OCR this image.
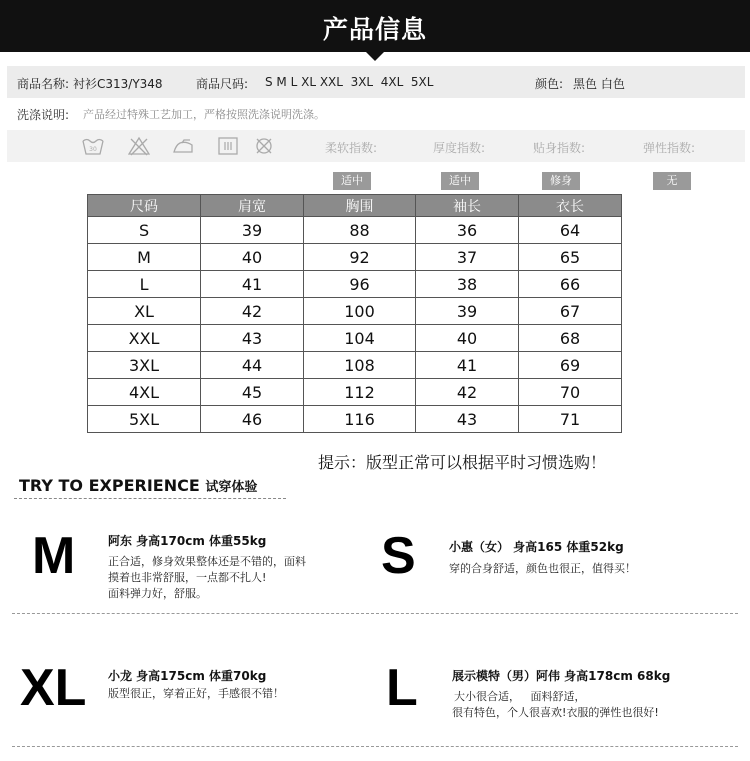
产品信息
商品名称: 衬衫C313/Y348	商品尺码: S M L XL XXL  3XL  4XL  5XL	颜色: 黑色 白色
洗涤说明: 产品经过特殊工艺加工，严格按照洗涤说明洗涤。
30	柔软指数:	厚度指数:	贴身指数:	弹性指数:
适中	适中	修身	无
尺码	肩宽	胸围	袖长	衣长
S	39	88	36	64
M	40	92	37	65
L	41	96	38	66
XL	42	100	39	67
XXL	43	104	40	68
3XL	44	108	41	69
4XL	45	112	42	70
5XL	46	116	43	71
提示：版型正常可以根据平时习惯选购！
TRY TO EXPERIENCE 试穿体验
M	阿东 身高170cm 体重55kg
正合适，修身效果整体还是不错的，面料
摸着也非常舒服，一点都不扎人!
面料弹力好，舒服。
S	小惠（女） 身高165 体重52kg
穿的合身舒适，颜色也很正，值得买！
XL 小龙 身高175cm 体重70kg
版型很正，穿着正好，手感很不错！ L	展示模特（男）阿伟 身高178cm 68kg
大小很合适，   面料舒适，
很有特色，个人很喜欢!衣服的弹性也很好!
